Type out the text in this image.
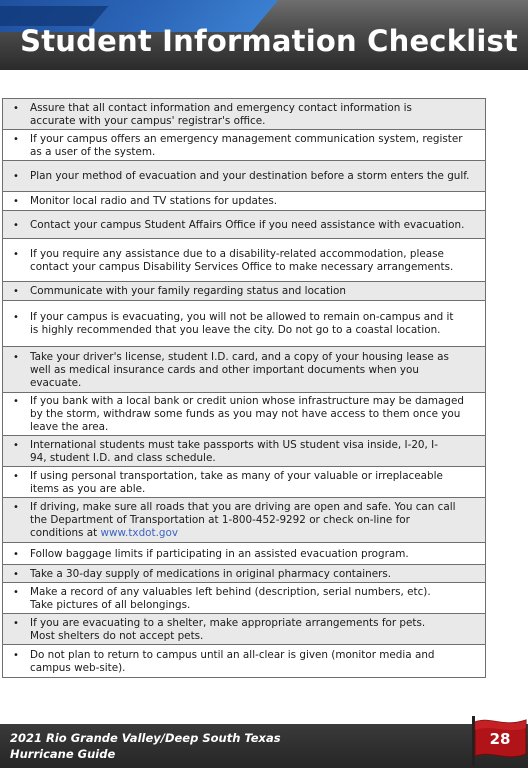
Student Information Checklist
• Assure that all contact information and emergency contact information is
accurate with your campus' registrar's office.
• If your campus offers an emergency management communication system, register
as a user of the system.
• Plan your method of evacuation and your destination before a storm enters the gulf.
• Monitor local radio and TV stations for updates.
• Contact your campus Student Affairs Office if you need assistance with evacuation.
• If you require any assistance due to a disability-related accommodation, please
contact your campus Disability Services Office to make necessary arrangements.
• Communicate with your family regarding status and location
• If your campus is evacuating, you will not be allowed to remain on-campus and it
is highly recommended that you leave the city. Do not go to a coastal location.
• Take your driver's license, student I.D. card, and a copy of your housing lease as
well as medical insurance cards and other important documents when you
evacuate.
• If you bank with a local bank or credit union whose infrastructure may be damaged
by the storm, withdraw some funds as you may not have access to them once you
leave the area.
• International students must take passports with US student visa inside, I-20, I-
94, student I.D. and class schedule.
• If using personal transportation, take as many of your valuable or irreplaceable
items as you are able.
• If driving, make sure all roads that you are driving are open and safe. You can call
the Department of Transportation at 1-800-452-9292 or check on-line for
conditions at www.txdot.gov
• Follow baggage limits if participating in an assisted evacuation program.
• Take a 30-day supply of medications in original pharmacy containers.
• Make a record of any valuables left behind (description, serial numbers, etc).
Take pictures of all belongings.
• If you are evacuating to a shelter, make appropriate arrangements for pets.
Most shelters do not accept pets.
• Do not plan to return to campus until an all-clear is given (monitor media and
campus web-site).
2021 Rio Grande Valley/Deep South Texas
Hurricane Guide
28
